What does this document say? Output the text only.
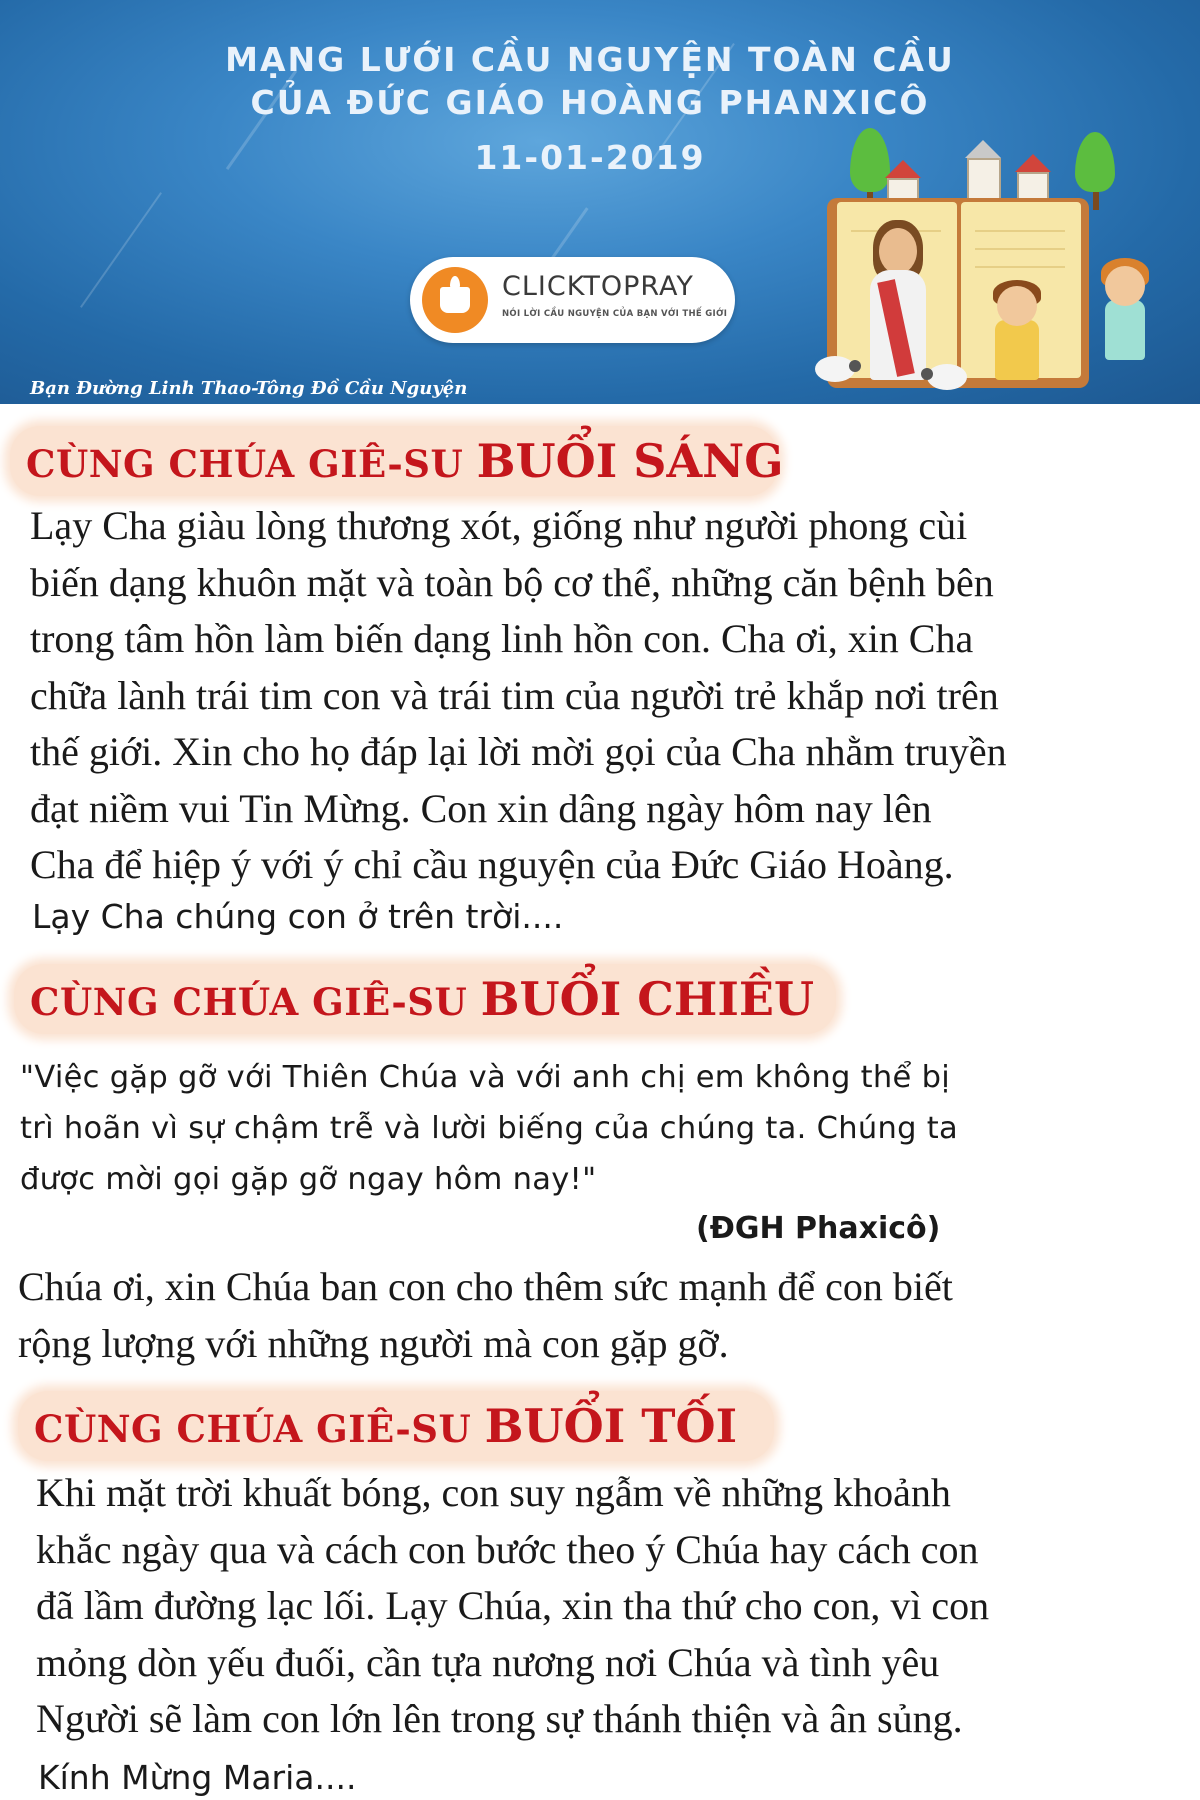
MẠNG LƯỚI CẦU NGUYỆN TOÀN CẦU
CỦA ĐỨC GIÁO HOÀNG PHANXICÔ
11-01-2019
CLICKTOPRAY
NÓI LỜI CẦU NGUYỆN CỦA BẠN VỚI THẾ GIỚI
Bạn Đường Linh Thao-Tông Đồ Cầu Nguyện
CÙNG CHÚA GIÊ-SU BUỔI SÁNG
Lạy Cha giàu lòng thương xót, giống như người phong cùi
biến dạng khuôn mặt và toàn bộ cơ thể, những căn bệnh bên
trong tâm hồn làm biến dạng linh hồn con. Cha ơi, xin Cha
chữa lành trái tim con và trái tim của người trẻ khắp nơi trên
thế giới. Xin cho họ đáp lại lời mời gọi của Cha nhằm truyền
đạt niềm vui Tin Mừng. Con xin dâng ngày hôm nay lên
Cha để hiệp ý với ý chỉ cầu nguyện của Đức Giáo Hoàng.
Lạy Cha chúng con ở trên trời....
CÙNG CHÚA GIÊ-SU BUỔI CHIỀU
"Việc gặp gỡ với Thiên Chúa và với anh chị em không thể bị
trì hoãn vì sự chậm trễ và lười biếng của chúng ta. Chúng ta
được mời gọi gặp gỡ ngay hôm nay!"
(ĐGH Phaxicô)
Chúa ơi, xin Chúa ban con cho thêm sức mạnh để con biết
rộng lượng với những người mà con gặp gỡ.
CÙNG CHÚA GIÊ-SU BUỔI TỐI
Khi mặt trời khuất bóng, con suy ngẫm về những khoảnh
khắc ngày qua và cách con bước theo ý Chúa hay cách con
đã lầm đường lạc lối. Lạy Chúa, xin tha thứ cho con, vì con
mỏng dòn yếu đuối, cần tựa nương nơi Chúa và tình yêu
Người sẽ làm con lớn lên trong sự thánh thiện và ân sủng.
Kính Mừng Maria....
